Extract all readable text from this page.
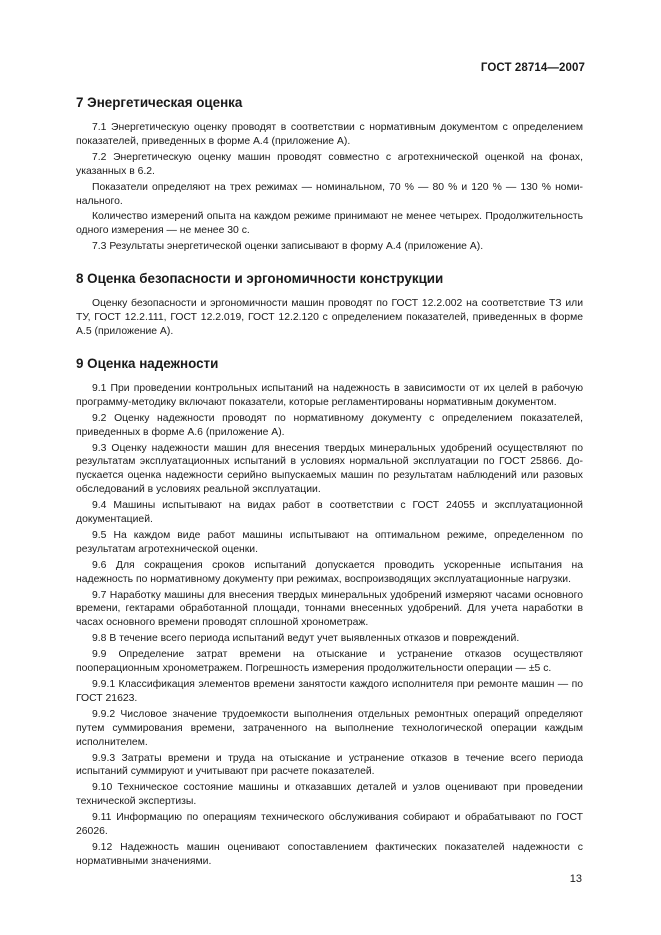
ГОСТ 28714—2007
7 Энергетическая оценка

7.1 Энергетическую оценку проводят в соответствии с нормативным документом с определением показателей, приведенных в форме А.4 (приложение А).

7.2 Энергетическую оценку машин проводят совместно с агротехнической оценкой на фонах, указанных в 6.2.

Показатели определяют на трех режимах — номинальном, 70 % — 80 % и 120 % — 130 % номинального.

Количество измерений опыта на каждом режиме принимают не менее четырех. Продолжительность одного измерения — не менее 30 с.

7.3 Результаты энергетической оценки записывают в форму А.4 (приложение А).

8 Оценка безопасности и эргономичности конструкции

Оценку безопасности и эргономичности машин проводят по ГОСТ 12.2.002 на соответствие ТЗ или ТУ, ГОСТ 12.2.111, ГОСТ 12.2.019, ГОСТ 12.2.120 с определением показателей, приведенных в форме А.5 (приложение А).

9 Оценка надежности

9.1 При проведении контрольных испытаний на надежность в зависимости от их целей в рабочую программу-методику включают показатели, которые регламентированы нормативным документом.

9.2 Оценку надежности проводят по нормативному документу с определением показателей, приведенных в форме А.6 (приложение А).

9.3 Оценку надежности машин для внесения твердых минеральных удобрений осуществляют по результатам эксплуатационных испытаний в условиях нормальной эксплуатации по ГОСТ 25866. Допускается оценка надежности серийно выпускаемых машин по результатам наблюдений или разовых обследований в условиях реальной эксплуатации.

9.4 Машины испытывают на видах работ в соответствии с ГОСТ 24055 и эксплуатационной документацией.

9.5 На каждом виде работ машины испытывают на оптимальном режиме, определенном по результатам агротехнической оценки.

9.6 Для сокращения сроков испытаний допускается проводить ускоренные испытания на надежность по нормативному документу при режимах, воспроизводящих эксплуатационные нагрузки.

9.7 Наработку машины для внесения твердых минеральных удобрений измеряют часами основного времени, гектарами обработанной площади, тоннами внесенных удобрений. Для учета наработки в часах основного времени проводят сплошной хронометраж.

9.8 В течение всего периода испытаний ведут учет выявленных отказов и повреждений.

9.9 Определение затрат времени на отыскание и устранение отказов осуществляют пооперационным хронометражем. Погрешность измерения продолжительности операции — ±5 с.

9.9.1 Классификация элементов времени занятости каждого исполнителя при ремонте машин — по ГОСТ 21623.

9.9.2 Числовое значение трудоемкости выполнения отдельных ремонтных операций определяют путем суммирования времени, затраченного на выполнение технологической операции каждым исполнителем.

9.9.3 Затраты времени и труда на отыскание и устранение отказов в течение всего периода испытаний суммируют и учитывают при расчете показателей.

9.10 Техническое состояние машины и отказавших деталей и узлов оценивают при проведении технической экспертизы.

9.11 Информацию по операциям технического обслуживания собирают и обрабатывают по ГОСТ 26026.

9.12 Надежность машин оценивают сопоставлением фактических показателей надежности с нормативными значениями.

13
